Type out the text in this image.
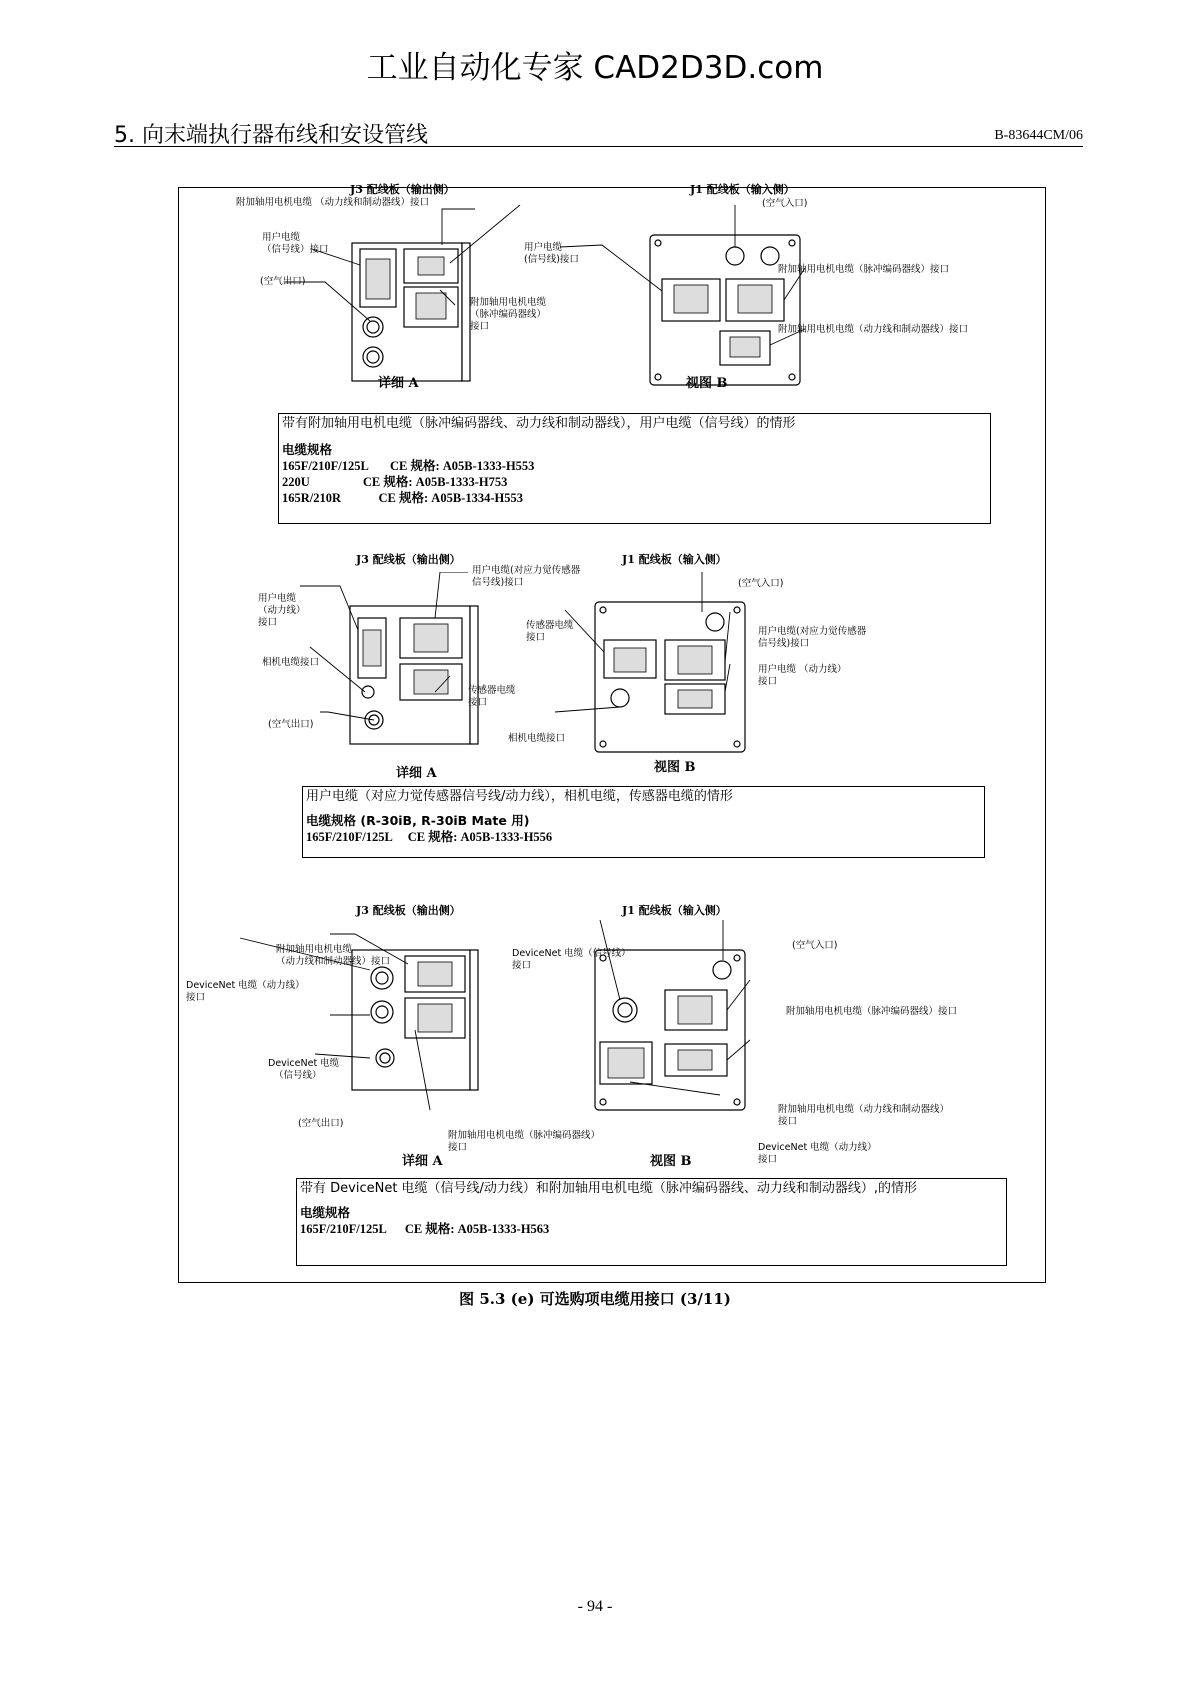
工业自动化专家 CAD2D3D.com
5. 向末端执行器布线和安设管线	B-83644CM/06
J3 配线板（输出侧）	J1 配线板（输入侧）
附加轴用电机电缆 （动力线和制动器线）接口
用户电缆
（信号线）接口
(空气出口)
附加轴用电机电缆
（脉冲编码器线）
接口
(空气入口)
用户电缆
(信号线)接口
附加轴用电机电缆（脉冲编码器线）接口
附加轴用电机电缆（动力线和制动器线）接口
详细 A	视图 B
带有附加轴用电机电缆（脉冲编码器线、动力线和制动器线），用户电缆（信号线）的情形
电缆规格
165F/210F/125L       CE 规格: A05B-1333-H553
220U                 CE 规格: A05B-1333-H753
165R/210R            CE 规格: A05B-1334-H553
J3 配线板（输出侧）	J1 配线板（输入侧）
用户电缆(对应力觉传感器
信号线)接口
用户电缆
（动力线）
接口
相机电缆接口
传感器电缆
接口
(空气出口)
(空气入口)
传感器电缆
接口
用户电缆(对应力觉传感器
信号线)接口
用户电缆 （动力线）
接口
相机电缆接口
详细 A	视图 B
用户电缆（对应力觉传感器信号线/动力线），相机电缆，传感器电缆的情形
电缆规格 (R-30iB, R-30iB Mate 用)
165F/210F/125L     CE 规格: A05B-1333-H556
J3 配线板（输出侧）	J1 配线板（输入侧）
附加轴用电机电缆
（动力线和制动器线）接口
DeviceNet 电缆（动力线）
接口
DeviceNet 电缆
（信号线）
(空气出口)
附加轴用电机电缆（脉冲编码器线）
接口
DeviceNet 电缆（信号线）
接口
(空气入口)
附加轴用电机电缆（脉冲编码器线）接口
附加轴用电机电缆（动力线和制动器线）
接口
DeviceNet 电缆（动力线）
接口
详细 A	视图 B
带有 DeviceNet 电缆（信号线/动力线）和附加轴用电机电缆（脉冲编码器线、动力线和制动器线）,的情形
电缆规格
165F/210F/125L      CE 规格: A05B-1333-H563
图 5.3 (e) 可选购项电缆用接口 (3/11)
- 94 -
